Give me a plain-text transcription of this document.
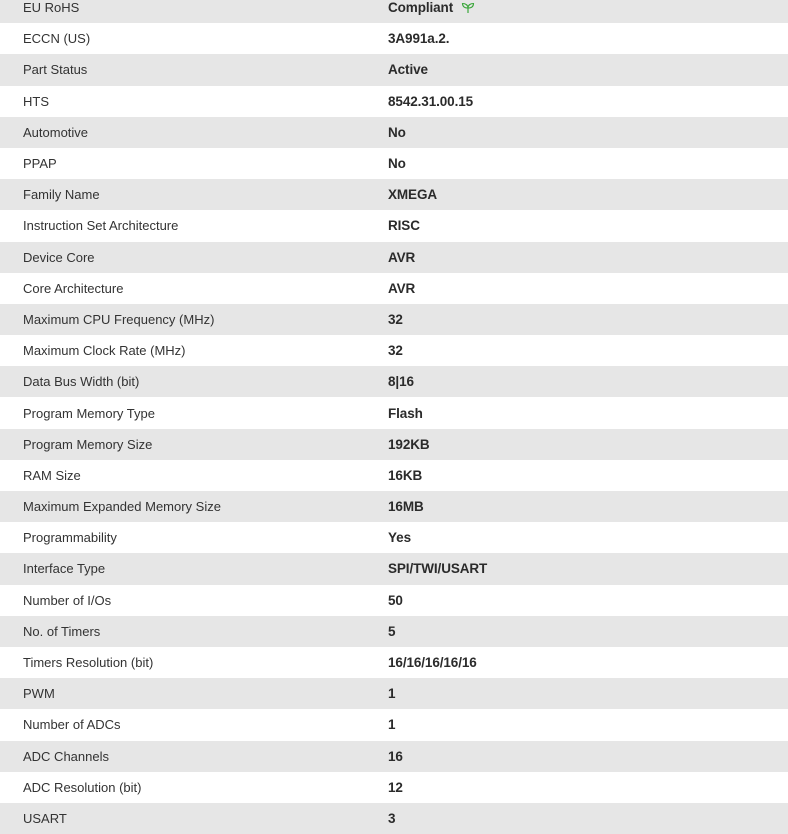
EU RoHS	Compliant
ECCN (US)	3A991a.2.
Part Status	Active
HTS	8542.31.00.15
Automotive	No
PPAP	No
Family Name	XMEGA
Instruction Set Architecture	RISC
Device Core	AVR
Core Architecture	AVR
Maximum CPU Frequency (MHz)	32
Maximum Clock Rate (MHz)	32
Data Bus Width (bit)	8|16
Program Memory Type	Flash
Program Memory Size	192KB
RAM Size	16KB
Maximum Expanded Memory Size	16MB
Programmability	Yes
Interface Type	SPI/TWI/USART
Number of I/Os	50
No. of Timers	5
Timers Resolution (bit)	16/16/16/16/16
PWM	1
Number of ADCs	1
ADC Channels	16
ADC Resolution (bit)	12
USART	3
